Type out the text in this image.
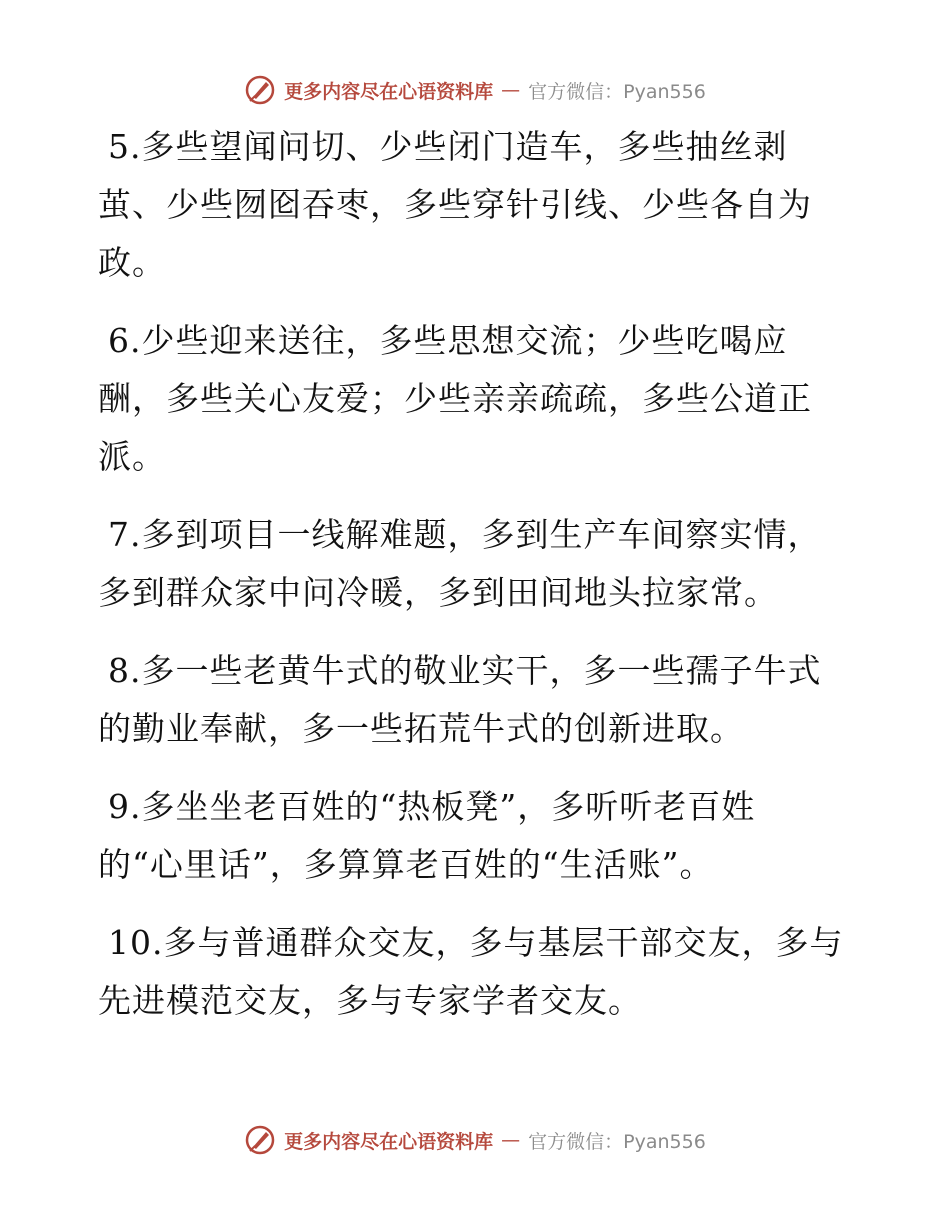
更多内容尽在心语资料库 — 官方微信：Pyan556

5.多些望闻问切、少些闭门造车，多些抽丝剥
茧、少些囫囵吞枣，多些穿针引线、少些各自为
政。

6.少些迎来送往，多些思想交流；少些吃喝应
酬，多些关心友爱；少些亲亲疏疏，多些公道正
派。

7.多到项目一线解难题，多到生产车间察实情，
多到群众家中问冷暖，多到田间地头拉家常。

8.多一些老黄牛式的敬业实干，多一些孺子牛式
的勤业奉献，多一些拓荒牛式的创新进取。

9.多坐坐老百姓的“热板凳”，多听听老百姓
的“心里话”，多算算老百姓的“生活账”。

10.多与普通群众交友，多与基层干部交友，多与
先进模范交友，多与专家学者交友。

更多内容尽在心语资料库 — 官方微信：Pyan556
